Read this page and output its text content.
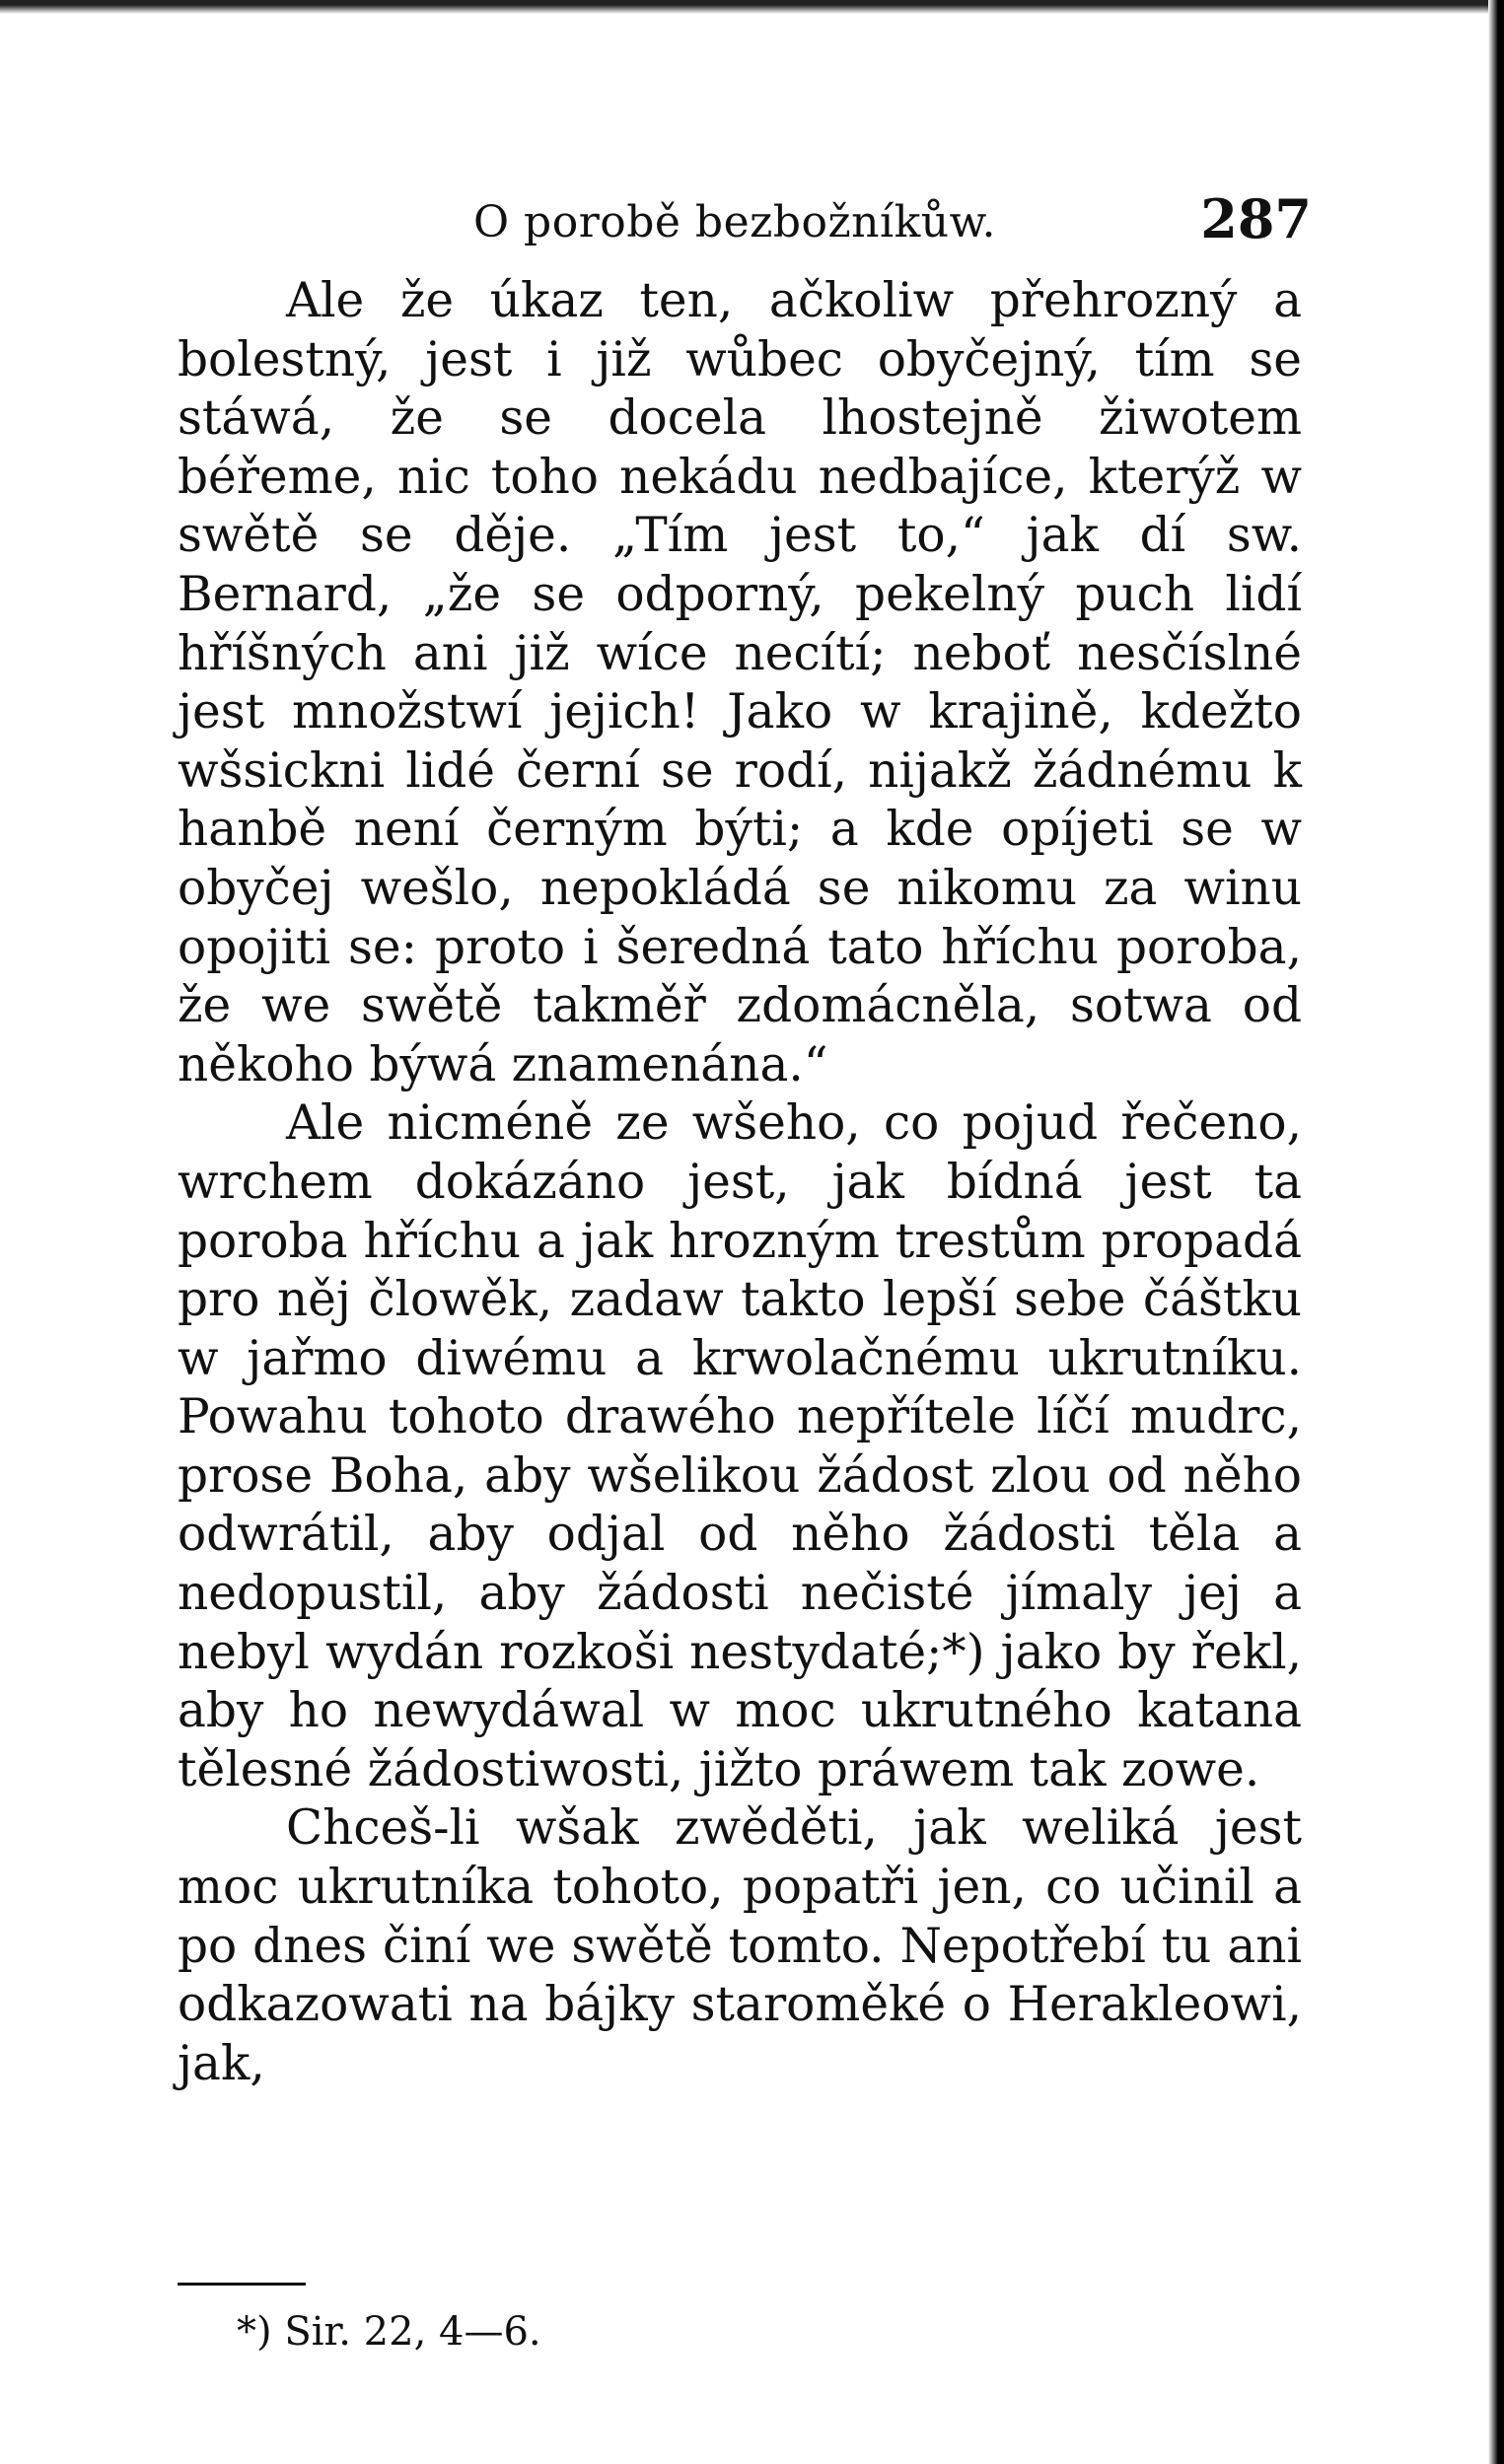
O porobě bezbožníkůw.	287

Ale že úkaz ten, ačkoliw přehrozný a bolestný, jest i již wůbec obyčejný, tím se stáwá, že se docela lhostejně žiwotem béřeme, nic toho nekádu nedbajíce, kterýž w swětě se děje. „Tím jest to,“ jak dí sw. Bernard, „že se odporný, pekelný puch lidí hříšných ani již wíce necítí; neboť nesčíslné jest množstwí jejich! Jako w krajině, kdežto wšsickni lidé černí se rodí, nijakž žádnému k hanbě není černým býti; a kde opíjeti se w obyčej wešlo, nepokládá se nikomu za winu opojiti se: proto i šeredná tato hříchu poroba, že we swětě takměř zdomácněla, sotwa od někoho býwá znamenána.“

Ale nicméně ze wšeho, co pojud řečeno, wrchem dokázáno jest, jak bídná jest ta poroba hříchu a jak hrozným trestům propadá pro něj člowěk, zadaw takto lepší sebe čáštku w jařmo diwému a krwolačnému ukrutníku. Powahu tohoto drawého nepřítele líčí mudrc, prose Boha, aby wšelikou žádost zlou od něho odwrátil, aby odjal od něho žádosti těla a nedopustil, aby žádosti nečisté jímaly jej a nebyl wydán rozkoši nestydaté;*) jako by řekl, aby ho newydáwal w moc ukrutného katana tělesné žádostiwosti, jižto práwem tak zowe.

Chceš-li wšak zwěděti, jak weliká jest moc ukrutníka tohoto, popatři jen, co učinil a po dnes činí we swětě tomto. Nepotřebí tu ani odkazowati na bájky staroměké o Herakleowi, jak,

*) Sir. 22, 4—6.
